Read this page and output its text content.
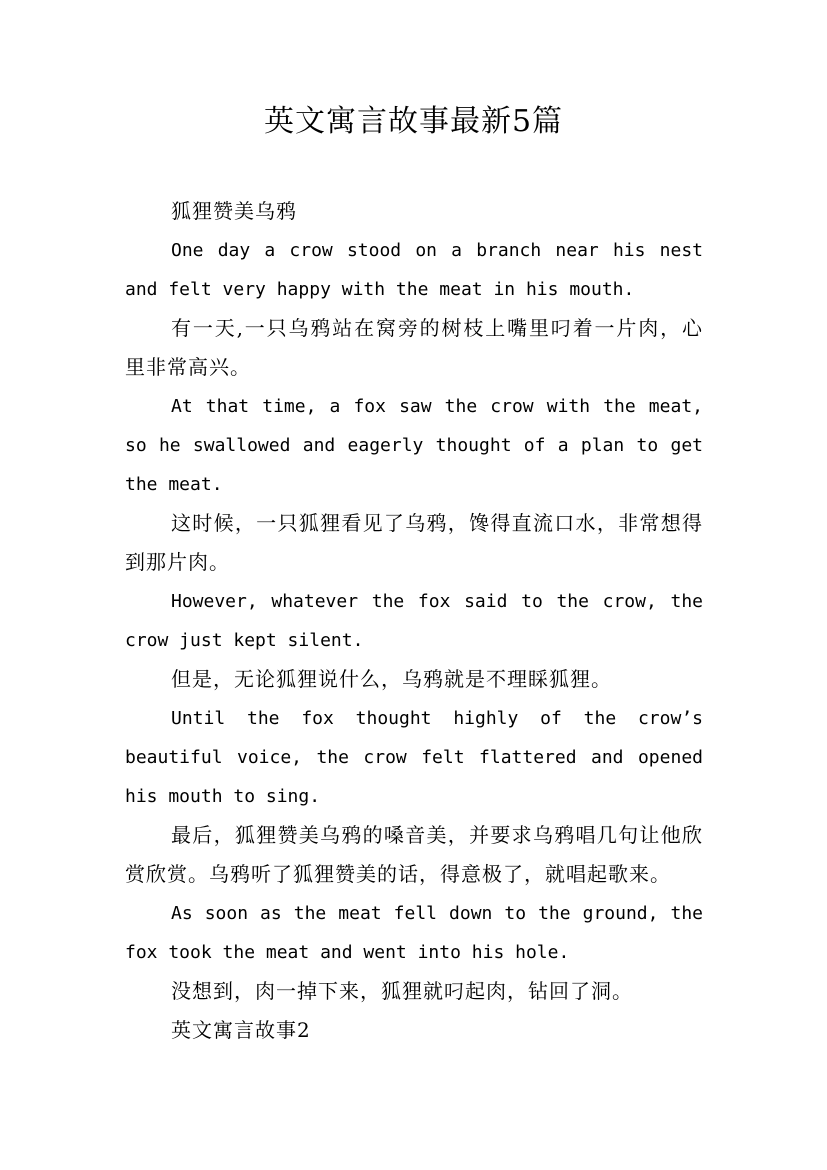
英文寓言故事最新5篇

狐狸赞美乌鸦

One day a crow stood on a branch near his nest and felt very happy with the meat in his mouth.

有一天,一只乌鸦站在窝旁的树枝上嘴里叼着一片肉，心里非常高兴。

At that time, a fox saw the crow with the meat, so he swallowed and eagerly thought of a plan to get the meat.

这时候，一只狐狸看见了乌鸦，馋得直流口水，非常想得到那片肉。

However, whatever the fox said to the crow, the crow just kept silent.

但是，无论狐狸说什么，乌鸦就是不理睬狐狸。

Until the fox thought highly of the crow’s beautiful voice, the crow felt flattered and opened his mouth to sing.

最后，狐狸赞美乌鸦的嗓音美，并要求乌鸦唱几句让他欣赏欣赏。乌鸦听了狐狸赞美的话，得意极了，就唱起歌来。

As soon as the meat fell down to the ground, the fox took the meat and went into his hole.

没想到，肉一掉下来，狐狸就叼起肉，钻回了洞。

英文寓言故事2
